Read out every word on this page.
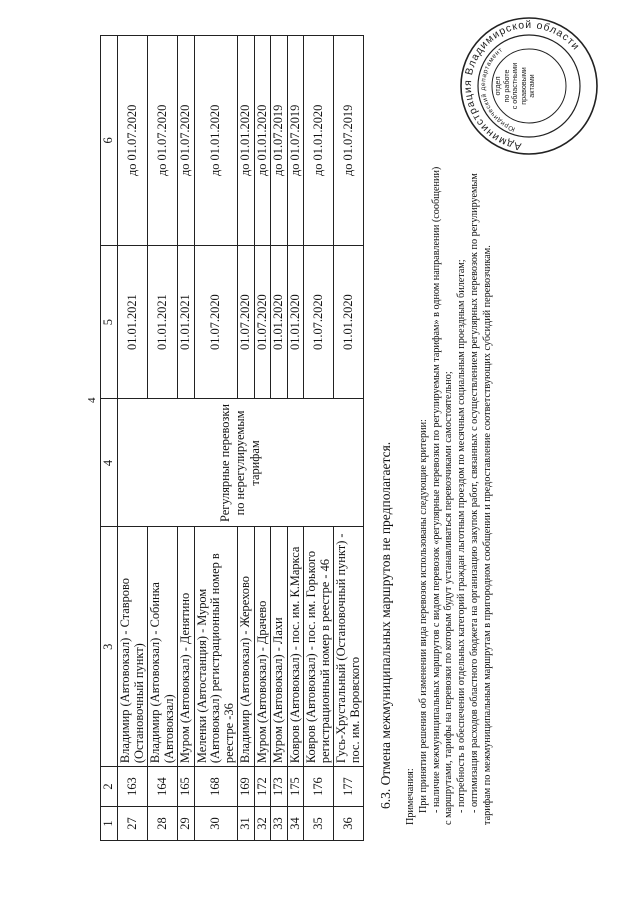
4
1	2	3	4	5	6
27	163	Владимир (Автовокзал) - Ставрово (Остановочный пункт)	Регулярные перевозки по нерегулируемым тарифам	01.01.2021	до 01.07.2020
28	164	Владимир (Автовокзал) - Собинка (Автовокзал)		01.01.2021	до 01.07.2020
29	165	Муром (Автовокзал) - Денятино		01.01.2021	до 01.07.2020
30	168	Меленки (Автостанция) - Муром (Автовокзал) регистрационный номер в реестре -36		01.07.2020	до 01.01.2020
31	169	Владимир (Автовокзал) - Жерехово		01.07.2020	до 01.01.2020
32	172	Муром (Автовокзал) - Драчево		01.07.2020	до 01.01.2020
33	173	Муром (Автовокзал) - Лахи		01.01.2020	до 01.07.2019
34	175	Ковров (Автовокзал) - пос. им. К.Маркса		01.01.2020	до 01.07.2019
35	176	Ковров (Автовокзал) - пос. им. Горького регистрационный номер в реестре - 46		01.07.2020	до 01.01.2020
36	177	Гусь-Хрустальный (Остановочный пункт) - пос. им. Воровского		01.01.2020	до 01.07.2019
6.3. Отмена межмуниципальных маршрутов не предполагается. Примечания: При принятии решения об изменении вида перевозок использованы следующие критерии: - наличие межмуниципальных маршрутов с видом перевозок «регулярные перевозки по регулируемым тарифам» в одном направлении (сообщении) с маршрутами, тарифы на перевозки по которым будут устанавливаться перевозчиками самостоятельно; - потребность в обеспечении отдельных категорий граждан льготным проездом по месячным социальным проездным билетам; - оптимизация расходов областного бюджета на организацию закупок работ, связанных с осуществлением регулярных перевозок по регулируемым тарифам по межмуниципальным маршрутам в пригородном сообщении и предоставление соответствующих субсидий перевозчикам.
Администрация Владимирской области
Юридический департамент
отдел по работе с областными правовыми актами
